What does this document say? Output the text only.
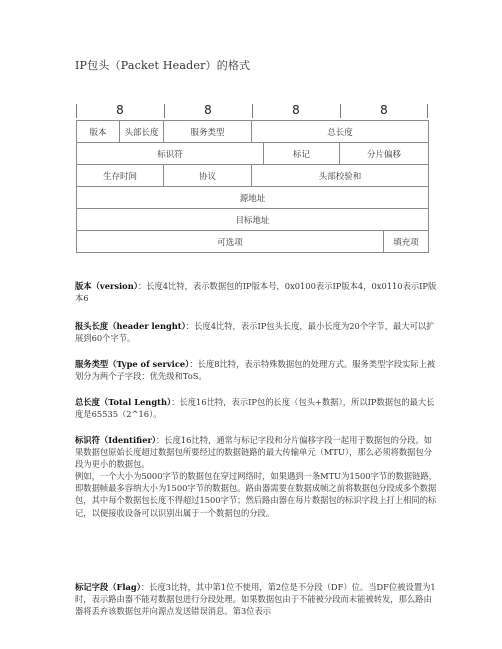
IP包头（Packet Header）的格式
8	8	8	8
版本	头部长度	服务类型	总长度			
标识符				标记	分片偏移	
生存时间		协议	头部校验和			
源地址						
目标地址						
可选项						填充项
版本（version）：长度4比特，表示数据包的IP版本号，0x0100表示IP版本4，0x0110表示IP版本6
报头长度（header lenght）：长度4比特，表示IP包头长度，最小长度为20个字节，最大可以扩展到60个字节。
服务类型（Type of service）：长度8比特，表示特殊数据包的处理方式。服务类型字段实际上被划分为两个子字段：优先级和ToS。
总长度（Total Length）：长度16比特，表示IP包的长度（包头+数据），所以IP数据包的最大长度是65535（2^16）。
标识符（Identifier）：长度16比特，通常与标记字段和分片偏移字段一起用于数据包的分段。如果数据包原始长度超过数据包所要经过的数据链路的最大传输单元（MTU），那么必须将数据包分段为更小的数据包。
例如，一个大小为5000字节的数据包在穿过网络时，如果遇到一条MTU为1500字节的数据链路，即数据帧最多容纳大小为1500字节的数据包。路由器需要在数据成帧之前将数据包分段成多个数据包，其中每个数据包长度不得超过1500字节；然后路由器在每片数据包的标识字段上打上相同的标记，以便接收设备可以识别出属于一个数据包的分段。
标记字段（Flag）：长度3比特，其中第1位不使用，第2位是不分段（DF）位。当DF位被设置为1时，表示路由器不能对数据包进行分段处理。如果数据包由于不能被分段而未能被转发，那么路由器将丢弃该数据包并向源点发送错误消息。第3位表示
